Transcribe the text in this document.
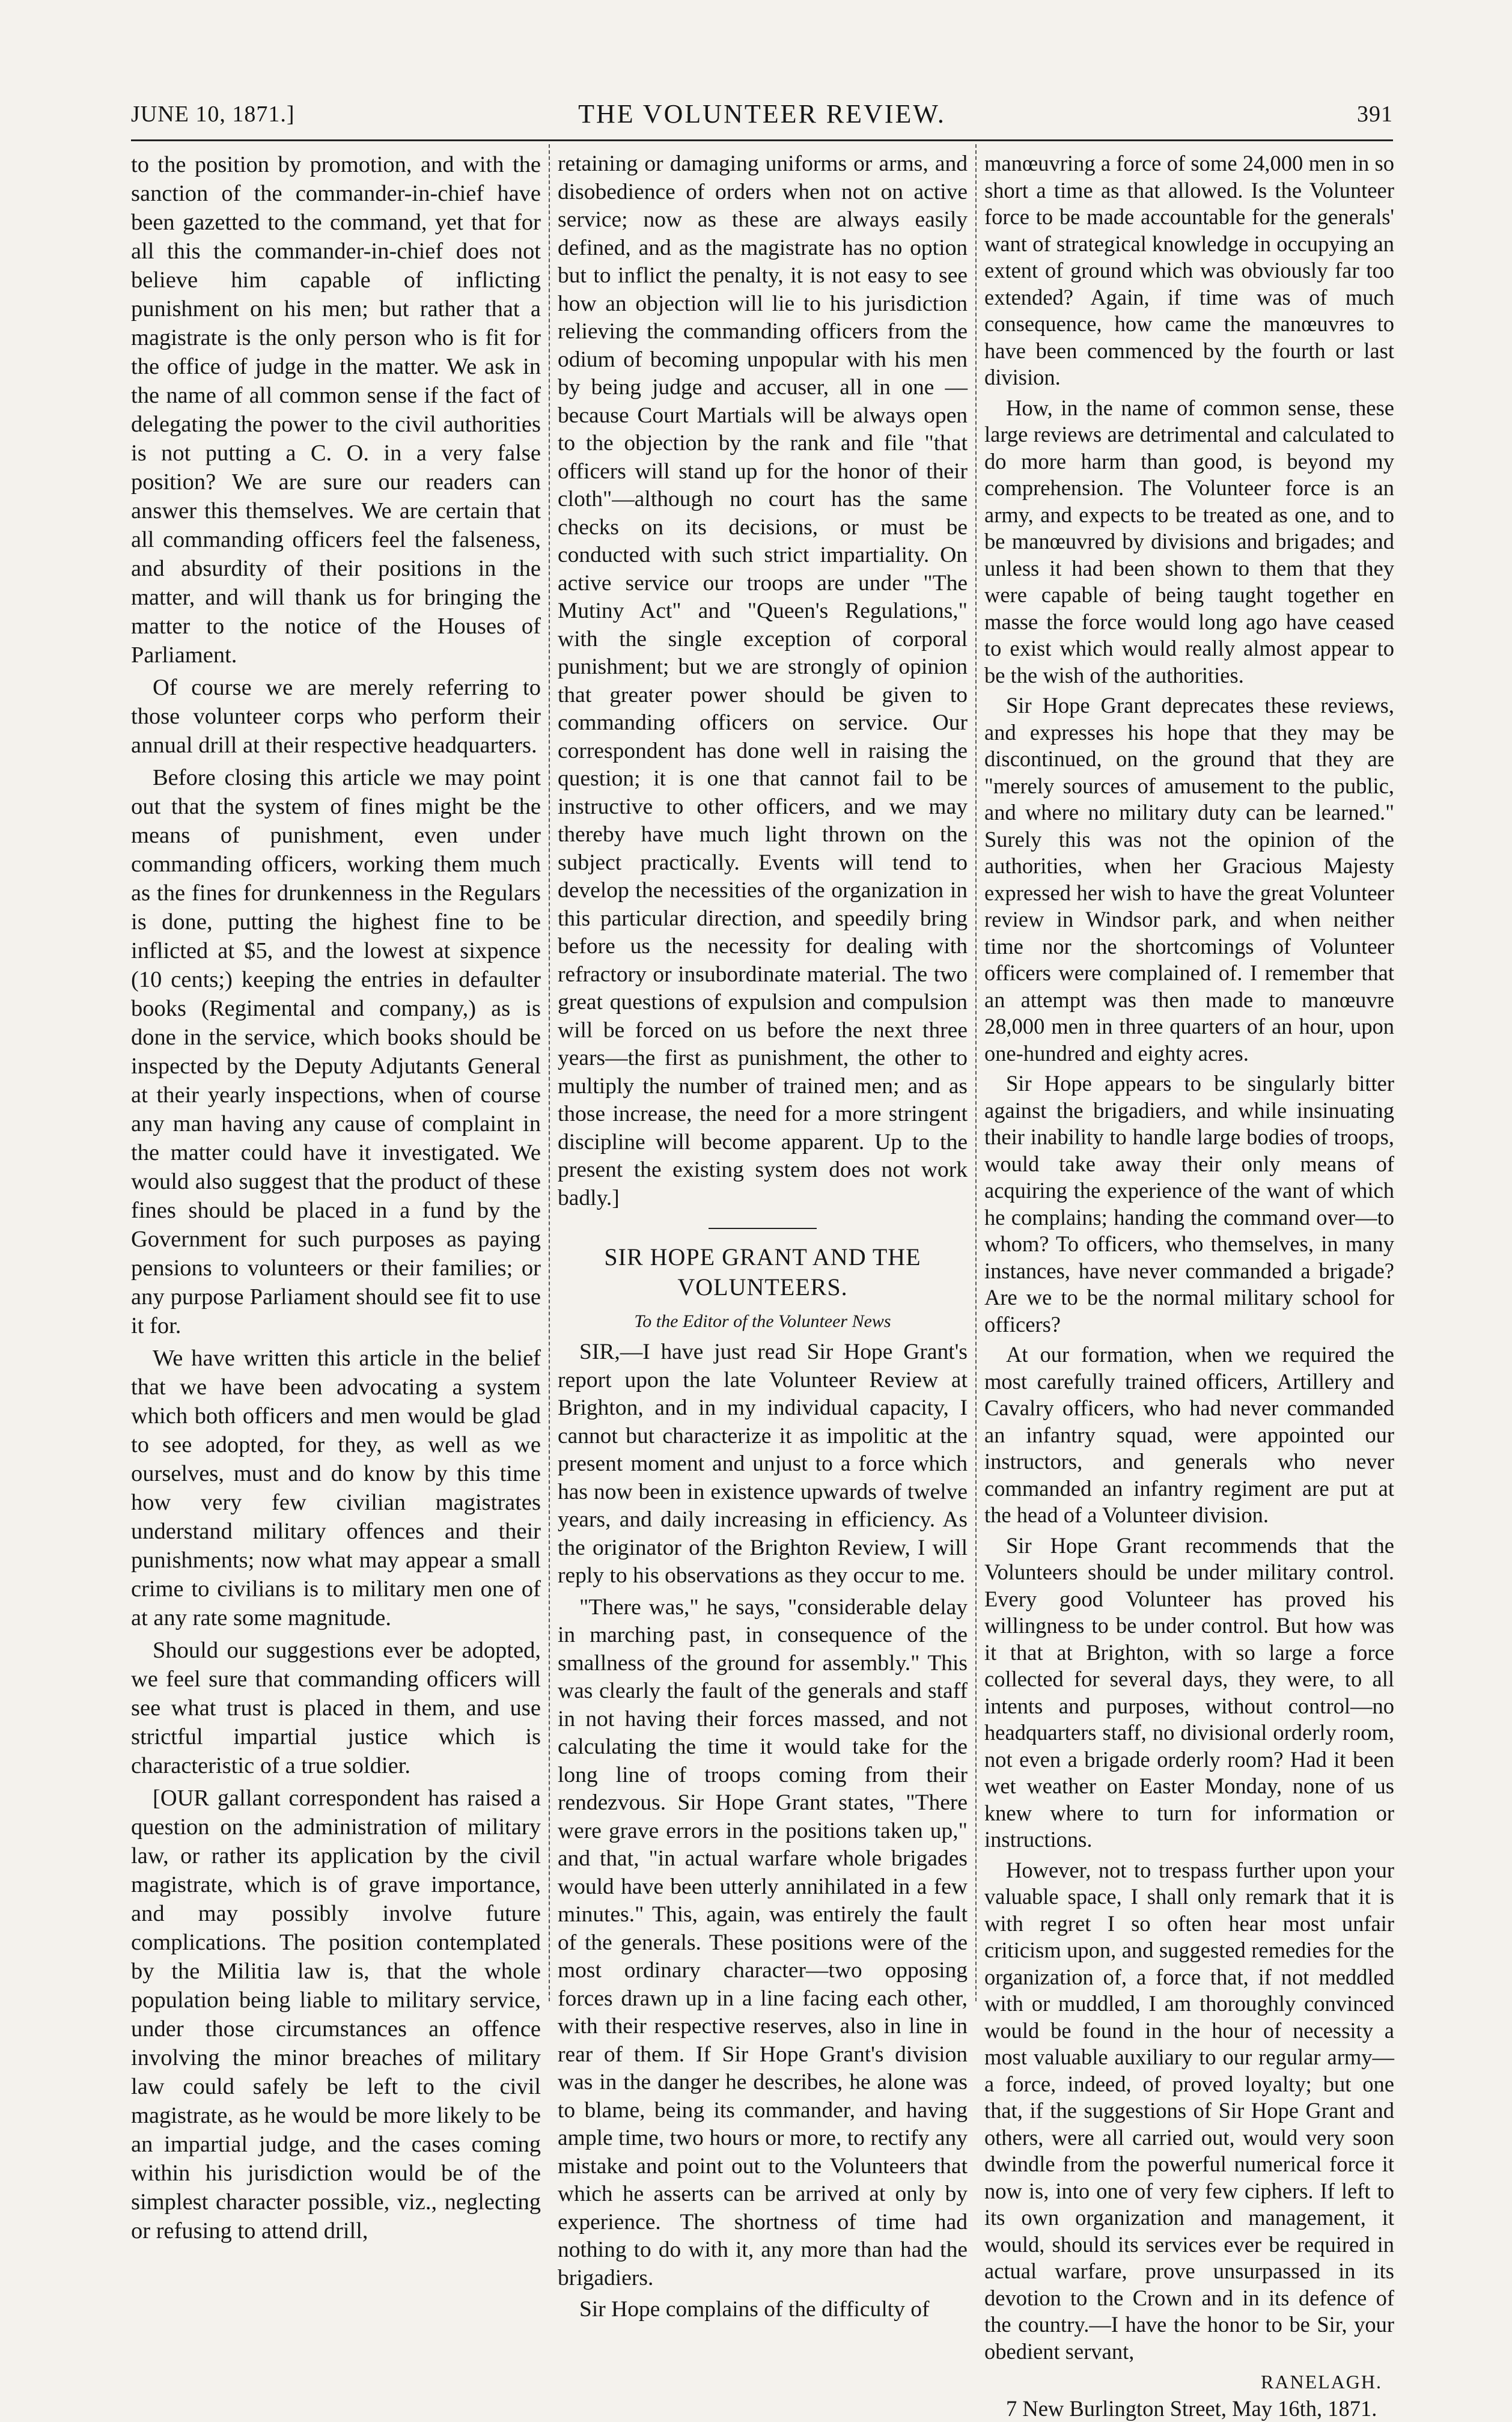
JUNE 10, 1871.]	THE VOLUNTEER REVIEW.	391

to the position by promotion, and with the sanction of the commander-in-chief have been gazetted to the command, yet that for all this the commander-in-chief does not believe him capable of inflicting punishment on his men; but rather that a magistrate is the only person who is fit for the office of judge in the matter. We ask in the name of all common sense if the fact of delegating the power to the civil authorities is not putting a C. O. in a very false position? We are sure our readers can answer this themselves. We are certain that all commanding officers feel the falseness, and absurdity of their positions in the matter, and will thank us for bringing the matter to the notice of the Houses of Parliament.

Of course we are merely referring to those volunteer corps who perform their annual drill at their respective headquarters.

Before closing this article we may point out that the system of fines might be the means of punishment, even under commanding officers, working them much as the fines for drunkenness in the Regulars is done, putting the highest fine to be inflicted at $5, and the lowest at sixpence (10 cents;) keeping the entries in defaulter books (Regimental and company,) as is done in the service, which books should be inspected by the Deputy Adjutants General at their yearly inspections, when of course any man having any cause of complaint in the matter could have it investigated. We would also suggest that the product of these fines should be placed in a fund by the Government for such purposes as paying pensions to volunteers or their families; or any purpose Parliament should see fit to use it for.

We have written this article in the belief that we have been advocating a system which both officers and men would be glad to see adopted, for they, as well as we ourselves, must and do know by this time how very few civilian magistrates understand military offences and their punishments; now what may appear a small crime to civilians is to military men one of at any rate some magnitude.

Should our suggestions ever be adopted, we feel sure that commanding officers will see what trust is placed in them, and use strictful impartial justice which is characteristic of a true soldier.

[OUR gallant correspondent has raised a question on the administration of military law, or rather its application by the civil magistrate, which is of grave importance, and may possibly involve future complications. The position contemplated by the Militia law is, that the whole population being liable to military service, under those circumstances an offence involving the minor breaches of military law could safely be left to the civil magistrate, as he would be more likely to be an impartial judge, and the cases coming within his jurisdiction would be of the simplest character possible, viz., neglecting or refusing to attend drill,

retaining or damaging uniforms or arms, and disobedience of orders when not on active service; now as these are always easily defined, and as the magistrate has no option but to inflict the penalty, it is not easy to see how an objection will lie to his jurisdiction relieving the commanding officers from the odium of becoming unpopular with his men by being judge and accuser, all in one —because Court Martials will be always open to the objection by the rank and file "that officers will stand up for the honor of their cloth"—although no court has the same checks on its decisions, or must be conducted with such strict impartiality. On active service our troops are under "The Mutiny Act" and "Queen's Regulations," with the single exception of corporal punishment; but we are strongly of opinion that greater power should be given to commanding officers on service. Our correspondent has done well in raising the question; it is one that cannot fail to be instructive to other officers, and we may thereby have much light thrown on the subject practically. Events will tend to develop the necessities of the organization in this particular direction, and speedily bring before us the necessity for dealing with refractory or insubordinate material. The two great questions of expulsion and compulsion will be forced on us before the next three years—the first as punishment, the other to multiply the number of trained men; and as those increase, the need for a more stringent discipline will become apparent. Up to the present the existing system does not work badly.]

SIR HOPE GRANT AND THE VOLUNTEERS.
To the Editor of the Volunteer News

SIR,—I have just read Sir Hope Grant's report upon the late Volunteer Review at Brighton, and in my individual capacity, I cannot but characterize it as impolitic at the present moment and unjust to a force which has now been in existence upwards of twelve years, and daily increasing in efficiency. As the originator of the Brighton Review, I will reply to his observations as they occur to me.

"There was," he says, "considerable delay in marching past, in consequence of the smallness of the ground for assembly." This was clearly the fault of the generals and staff in not having their forces massed, and not calculating the time it would take for the long line of troops coming from their rendezvous. Sir Hope Grant states, "There were grave errors in the positions taken up," and that, "in actual warfare whole brigades would have been utterly annihilated in a few minutes." This, again, was entirely the fault of the generals. These positions were of the most ordinary character—two opposing forces drawn up in a line facing each other, with their respective reserves, also in line in rear of them. If Sir Hope Grant's division was in the danger he describes, he alone was to blame, being its commander, and having ample time, two hours or more, to rectify any mistake and point out to the Volunteers that which he asserts can be arrived at only by experience. The shortness of time had nothing to do with it, any more than had the brigadiers.

Sir Hope complains of the difficulty of

manœuvring a force of some 24,000 men in so short a time as that allowed. Is the Volunteer force to be made accountable for the generals' want of strategical knowledge in occupying an extent of ground which was obviously far too extended? Again, if time was of much consequence, how came the manœuvres to have been commenced by the fourth or last division.

How, in the name of common sense, these large reviews are detrimental and calculated to do more harm than good, is beyond my comprehension. The Volunteer force is an army, and expects to be treated as one, and to be manœuvred by divisions and brigades; and unless it had been shown to them that they were capable of being taught together en masse the force would long ago have ceased to exist which would really almost appear to be the wish of the authorities.

Sir Hope Grant deprecates these reviews, and expresses his hope that they may be discontinued, on the ground that they are "merely sources of amusement to the public, and where no military duty can be learned." Surely this was not the opinion of the authorities, when her Gracious Majesty expressed her wish to have the great Volunteer review in Windsor park, and when neither time nor the shortcomings of Volunteer officers were complained of. I remember that an attempt was then made to manœuvre 28,000 men in three quarters of an hour, upon one-hundred and eighty acres.

Sir Hope appears to be singularly bitter against the brigadiers, and while insinuating their inability to handle large bodies of troops, would take away their only means of acquiring the experience of the want of which he complains; handing the command over—to whom? To officers, who themselves, in many instances, have never commanded a brigade? Are we to be the normal military school for officers?

At our formation, when we required the most carefully trained officers, Artillery and Cavalry officers, who had never commanded an infantry squad, were appointed our instructors, and generals who never commanded an infantry regiment are put at the head of a Volunteer division.

Sir Hope Grant recommends that the Volunteers should be under military control. Every good Volunteer has proved his willingness to be under control. But how was it that at Brighton, with so large a force collected for several days, they were, to all intents and purposes, without control—no headquarters staff, no divisional orderly room, not even a brigade orderly room? Had it been wet weather on Easter Monday, none of us knew where to turn for information or instructions.

However, not to trespass further upon your valuable space, I shall only remark that it is with regret I so often hear most unfair criticism upon, and suggested remedies for the organization of, a force that, if not meddled with or muddled, I am thoroughly convinced would be found in the hour of necessity a most valuable auxiliary to our regular army—a force, indeed, of proved loyalty; but one that, if the suggestions of Sir Hope Grant and others, were all carried out, would very soon dwindle from the powerful numerical force it now is, into one of very few ciphers. If left to its own organization and management, it would, should its services ever be required in actual warfare, prove unsurpassed in its devotion to the Crown and in its defence of the country.—I have the honor to be Sir, your obedient servant,

RANELAGH.

7 New Burlington Street, May 16th, 1871.
